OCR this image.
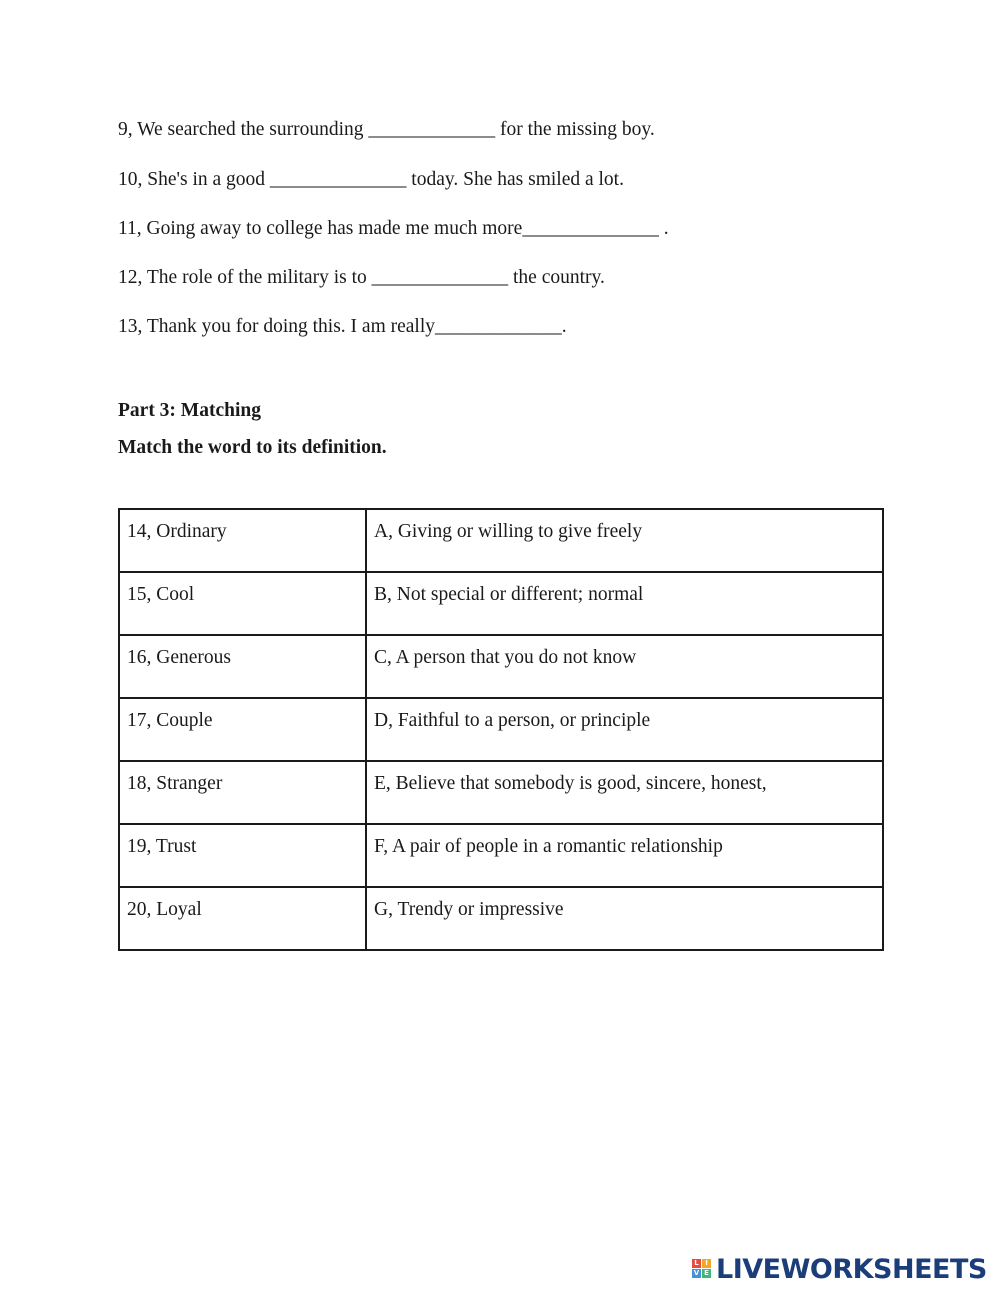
9, We searched the surrounding _____________ for the missing boy.
10, She's in a good ______________ today. She has smiled a lot.
11, Going away to college has made me much more______________ .
12, The role of the military is to ______________ the country.
13, Thank you for doing this. I am really_____________.
Part 3: Matching
Match the word to its definition.
14, Ordinary	A, Giving or willing to give freely
15, Cool	B, Not special or different; normal
16, Generous	C, A person that you do not know
17, Couple	D, Faithful to a person, or principle
18, Stranger	E, Believe that somebody is good, sincere, honest,
19, Trust	F, A pair of people in a romantic relationship
20, Loyal	G, Trendy or impressive
L I
V E LIVEWORKSHEETS
